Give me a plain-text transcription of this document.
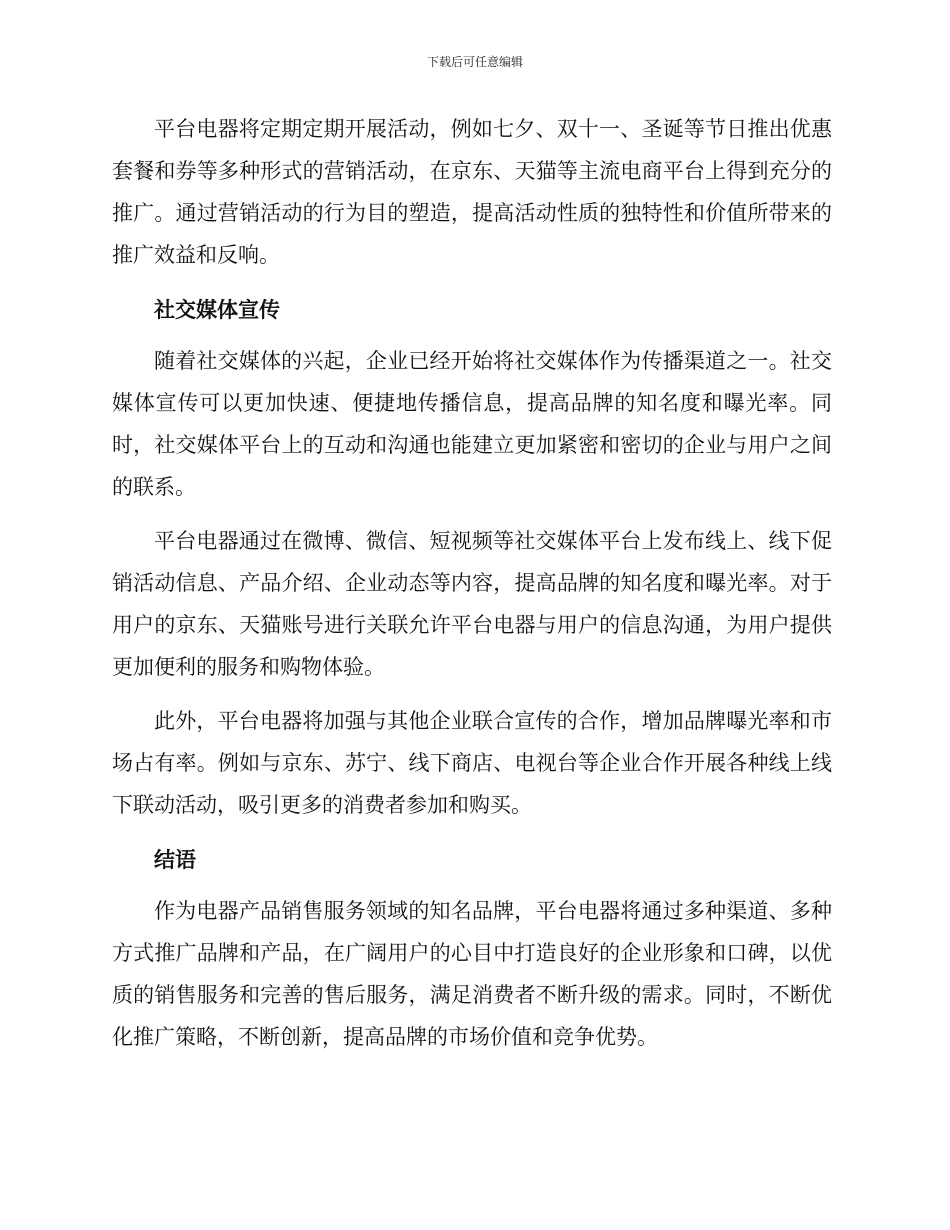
下载后可任意编辑

平台电器将定期定期开展活动，例如七夕、双十一、圣诞等节日推出优惠套餐和券等多种形式的营销活动，在京东、天猫等主流电商平台上得到充分的推广。通过营销活动的行为目的塑造，提高活动性质的独特性和价值所带来的推广效益和反响。

社交媒体宣传

随着社交媒体的兴起，企业已经开始将社交媒体作为传播渠道之一。社交媒体宣传可以更加快速、便捷地传播信息，提高品牌的知名度和曝光率。同时，社交媒体平台上的互动和沟通也能建立更加紧密和密切的企业与用户之间的联系。

平台电器通过在微博、微信、短视频等社交媒体平台上发布线上、线下促销活动信息、产品介绍、企业动态等内容，提高品牌的知名度和曝光率。对于用户的京东、天猫账号进行关联允许平台电器与用户的信息沟通，为用户提供更加便利的服务和购物体验。

此外，平台电器将加强与其他企业联合宣传的合作，增加品牌曝光率和市场占有率。例如与京东、苏宁、线下商店、电视台等企业合作开展各种线上线下联动活动，吸引更多的消费者参加和购买。

结语

作为电器产品销售服务领域的知名品牌，平台电器将通过多种渠道、多种方式推广品牌和产品，在广阔用户的心目中打造良好的企业形象和口碑，以优质的销售服务和完善的售后服务，满足消费者不断升级的需求。同时，不断优化推广策略，不断创新，提高品牌的市场价值和竞争优势。
